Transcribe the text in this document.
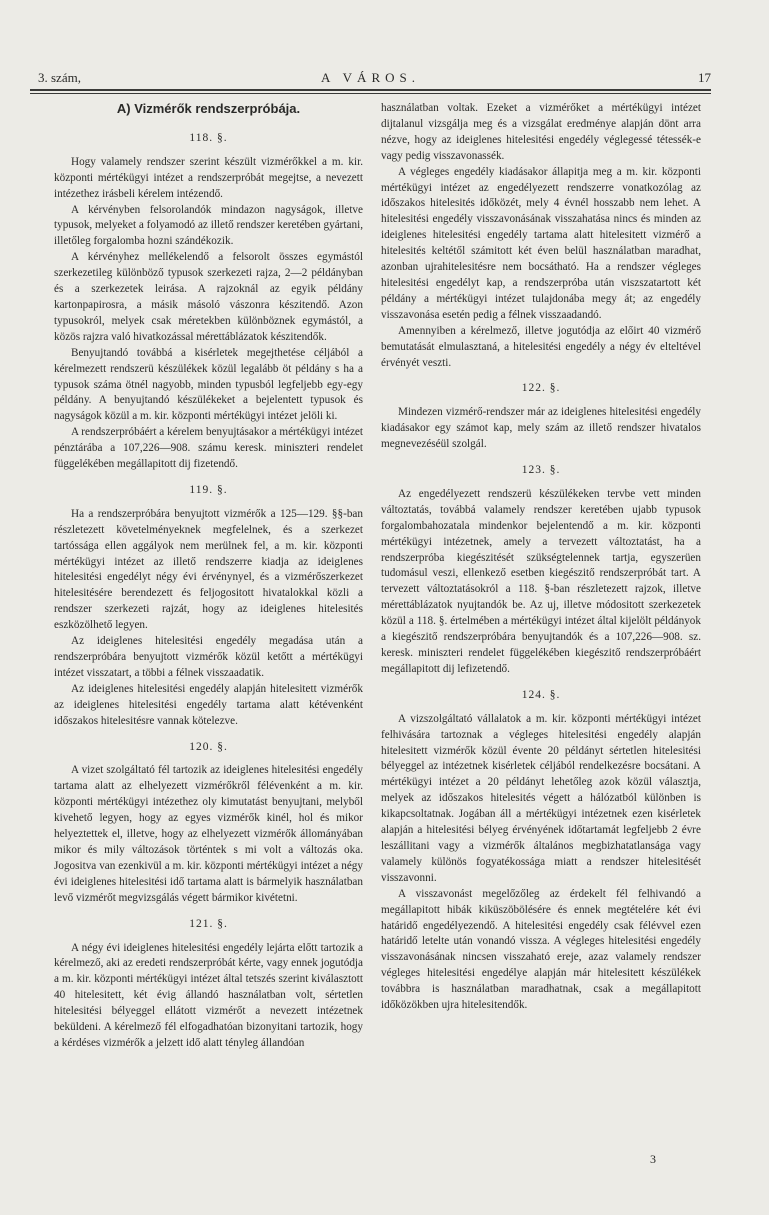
3. szám,	A VÁROS.	17
A) Vizmérők rendszerpróbája.
118. §.

Hogy valamely rendszer szerint készült vizmérőkkel a m. kir. központi mértékügyi intézet a rendszerpróbát megejtse, a nevezett intézethez irásbeli kérelem intézendő.

A kérvényben felsorolandók mindazon nagyságok, illetve typusok, melyeket a folyamodó az illető rendszer keretében gyártani, illetőleg forgalomba hozni szándékozik.

A kérvényhez mellékelendő a felsorolt összes egymástól szerkezetileg különböző typusok szerkezeti rajza, 2—2 példányban és a szerkezetek leirása. A rajzoknál az egyik példány kartonpapirosra, a másik másoló vászonra készitendő. Azon typusokról, melyek csak méretekben különböznek egymástól, a közös rajzra való hivatkozással mérettáblázatok készitendők.

Benyujtandó továbbá a kisérletek megejthetése céljából a kérelmezett rendszerü készülékek közül legalább öt példány s ha a typusok száma ötnél nagyobb, minden typusból legfeljebb egy-egy példány. A benyujtandó készülékeket a bejelentett typusok és nagyságok közül a m. kir. központi mértékügyi intézet jelöli ki.

A rendszerpróbáért a kérelem benyujtásakor a mértékügyi intézet pénztárába a 107,226—908. számu keresk. miniszteri rendelet függelékében megállapitott dij fizetendő.

119. §.

Ha a rendszerpróbára benyujtott vizmérők a 125—129. §§-ban részletezett követelményeknek megfelelnek, és a szerkezet tartóssága ellen aggályok nem merülnek fel, a m. kir. központi mértékügyi intézet az illető rendszerre kiadja az ideiglenes hitelesitési engedélyt négy évi érvénynyel, és a vizmérőszerkezet hitelesitésére berendezett és feljogositott hivatalokkal közli a rendszer szerkezeti rajzát, hogy az ideiglenes hitelesités eszközölhető legyen.

Az ideiglenes hitelesitési engedély megadása után a rendszerpróbára benyujtott vizmérők közül ketőtt a mértékügyi intézet visszatart, a többi a félnek visszaadatik.

Az ideiglenes hitelesitési engedély alapján hitelesitett vizmérők az ideiglenes hitelesitési engedély tartama alatt kétévenként időszakos hitelesitésre vannak kötelezve.

120. §.

A vizet szolgáltató fél tartozik az ideiglenes hitelesitési engedély tartama alatt az elhelyezett vizmérőkről félévenként a m. kir. központi mértékügyi intézethez oly kimutatást benyujtani, melyből kivehető legyen, hogy az egyes vizmérők kinél, hol és mikor helyeztettek el, illetve, hogy az elhelyezett vizmérők állományában mikor és mily változások történtek s mi volt a változás oka. Jogositva van ezenkivül a m. kir. központi mértékügyi intézet a négy évi ideiglenes hitelesitési idő tartama alatt is bármelyik használatban levő vizmérőt megvizsgálás végett bármikor kivétetni.

121. §.

A négy évi ideiglenes hitelesitési engedély lejárta előtt tartozik a kérelmező, aki az eredeti rendszerpróbát kérte, vagy ennek jogutódja a m. kir. központi mértékügyi intézet által tetszés szerint kiválasztott 40 hitelesitett, két évig állandó használatban volt, sértetlen hitelesitési bélyeggel ellátott vizmérőt a nevezett intézetnek beküldeni. A kérelmező fél elfogadhatóan bizonyitani tartozik, hogy a kérdéses vizmérők a jelzett idő alatt tényleg állandóan

használatban voltak. Ezeket a vizmérőket a mértékügyi intézet dijtalanul vizsgálja meg és a vizsgálat eredménye alapján dönt arra nézve, hogy az ideiglenes hitelesitési engedély véglegessé tétessék-e vagy pedig visszavonassék.

A végleges engedély kiadásakor állapitja meg a m. kir. központi mértékügyi intézet az engedélyezett rendszerre vonatkozólag az időszakos hitelesités időközét, mely 4 évnél hosszabb nem lehet. A hitelesitési engedély visszavonásának visszahatása nincs és minden az ideiglenes hitelesitési engedély tartama alatt hitelesitett vizmérő a hitelesités keltétől számitott két éven belül használatban maradhat, azonban ujrahitelesitésre nem bocsátható. Ha a rendszer végleges hitelesitési engedélyt kap, a rendszerpróba után viszszatartott két példány a mértékügyi intézet tulajdonába megy át; az engedély visszavonása esetén pedig a félnek visszaadandó.

Amennyiben a kérelmező, illetve jogutódja az előirt 40 vizmérő bemutatását elmulasztaná, a hitelesitési engedély a négy év elteltével érvényét veszti.

122. §.

Mindezen vizmérő-rendszer már az ideiglenes hitelesitési engedély kiadásakor egy számot kap, mely szám az illető rendszer hivatalos megnevezéséül szolgál.

123. §.

Az engedélyezett rendszerü készülékeken tervbe vett minden változtatás, továbbá valamely rendszer keretében ujabb typusok forgalombahozatala mindenkor bejelentendő a m. kir. központi mértékügyi intézetnek, amely a tervezett változtatást, ha a rendszerpróba kiegészitését szükségtelennek tartja, egyszerüen tudomásul veszi, ellenkező esetben kiegészitő rendszerpróbát tart. A tervezett változtatásokról a 118. §-ban részletezett rajzok, illetve mérettáblázatok nyujtandók be. Az uj, illetve módositott szerkezetek közül a 118. §. értelmében a mértékügyi intézet által kijelölt példányok a kiegészitő rendszerpróbára benyujtandók és a 107,226—908. sz. keresk. miniszteri rendelet függelékében kiegészitő rendszerpróbáért megállapitott dij lefizetendő.

124. §.

A vizszolgáltató vállalatok a m. kir. központi mértékügyi intézet felhivására tartoznak a végleges hitelesitési engedély alapján hitelesitett vizmérők közül évente 20 példányt sértetlen hitelesitési bélyeggel az intézetnek kisérletek céljából rendelkezésre bocsátani. A mértékügyi intézet a 20 példányt lehetőleg azok közül választja, melyek az időszakos hitelesités végett a hálózatból különben is kikapcsoltatnak. Jogában áll a mértékügyi intézetnek ezen kisérletek alapján a hitelesitési bélyeg érvényének időtartamát legfeljebb 2 évre leszállitani vagy a vizmérők általános megbizhatatlansága vagy valamely különös fogyatékossága miatt a rendszer hitelesitését visszavonni.

A visszavonást megelőzőleg az érdekelt fél felhivandó a megállapitott hibák kiküszöbölésére és ennek megtételére két évi határidő engedélyezendő. A hitelesitési engedély csak félévvel ezen határidő letelte után vonandó vissza. A végleges hitelesitési engedély visszavonásának nincsen visszaható ereje, azaz valamely rendszer végleges hitelesitési engedélye alapján már hitelesitett készülékek továbbra is használatban maradhatnak, csak a megállapitott időközökben ujra hitelesitendők.

3
